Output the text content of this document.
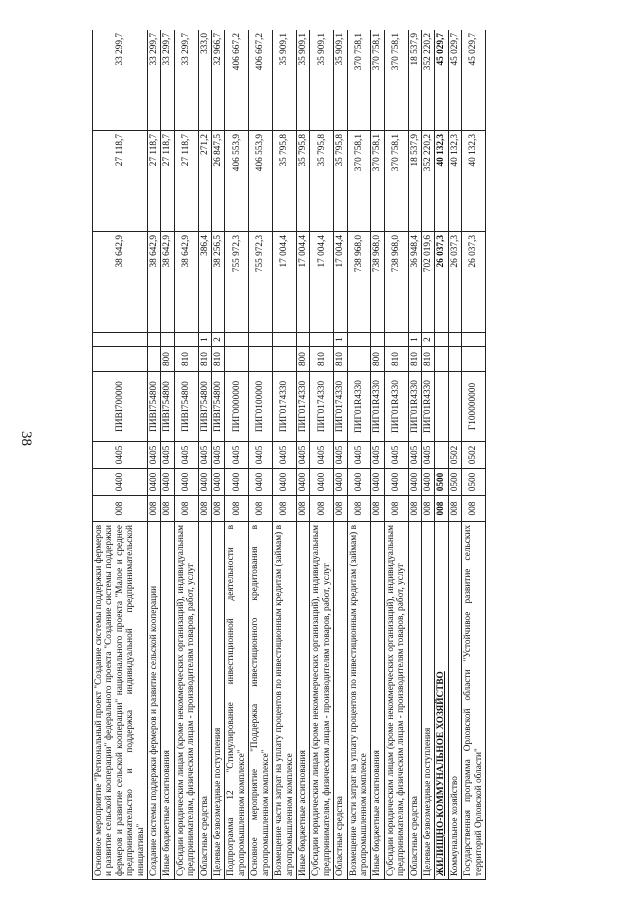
38
Основное мероприятие "Региональный проект "Создание системы поддержки фермеров и развитие сельской кооперации" федерального проекта "Создание системы поддержки фермеров и развитие сельской кооперации" национального проекта "Малое и среднее предпринимательство и поддержка индивидуальной предпринимательской инициативы"	008	0400	0405	ПИВI700000			38 642,9	27 118,7	33 299,7
Создание системы поддержки фермеров и развитие сельской кооперации	008	0400	0405	ПИВI754800			38 642,9	27 118,7	33 299,7
Иные бюджетные ассигнования	008	0400	0405	ПИВI754800	800		38 642,9	27 118,7	33 299,7
Субсидии юридическим лицам (кроме некоммерческих организаций), индивидуальным предпринимателям, физическим лицам - производителям товаров, работ, услуг	008	0400	0405	ПИВI754800	810		38 642,9	27 118,7	33 299,7
Областные средства	008	0400	0405	ПИВI754800	810	1	386,4	271,2	333,0
Целевые безвозмездные поступления	008	0400	0405	ПИВI754800	810	2	38 256,5	26 847,5	32 966,7
Подпрограмма 12 "Стимулирование инвестиционной деятельности в агропромышленном комплексе"	008	0400	0405	ПИГ0000000			755 972,3	406 553,9	406 667,2
Основное мероприятие "Поддержка инвестиционного кредитования в агропромышленном комплексе"	008	0400	0405	ПИГ0100000			755 972,3	406 553,9	406 667,2
Возмещение части затрат на уплату процентов по инвестиционным кредитам (займам) в агропромышленном комплексе	008	0400	0405	ПИГ0174330			17 004,4	35 795,8	35 909,1
Иные бюджетные ассигнования	008	0400	0405	ПИГ0174330	800		17 004,4	35 795,8	35 909,1
Субсидии юридическим лицам (кроме некоммерческих организаций), индивидуальным предпринимателям, физическим лицам - производителям товаров, работ, услуг	008	0400	0405	ПИГ0174330	810		17 004,4	35 795,8	35 909,1
Областные средства	008	0400	0405	ПИГ0174330	810	1	17 004,4	35 795,8	35 909,1
Возмещение части затрат на уплату процентов по инвестиционным кредитам (займам) в агропромышленном комплексе	008	0400	0405	ПИГ01R4330			738 968,0	370 758,1	370 758,1
Иные бюджетные ассигнования	008	0400	0405	ПИГ01R4330	800		738 968,0	370 758,1	370 758,1
Субсидии юридическим лицам (кроме некоммерческих организаций), индивидуальным предпринимателям, физическим лицам - производителям товаров, работ, услуг	008	0400	0405	ПИГ01R4330	810		738 968,0	370 758,1	370 758,1
Областные средства	008	0400	0405	ПИГ01R4330	810	1	36 948,4	18 537,9	18 537,9
Целевые безвозмездные поступления	008	0400	0405	ПИГ01R4330	810	2	702 019,6	352 220,2	352 220,2
ЖИЛИЩНО-КОММУНАЛЬНОЕ ХОЗЯЙСТВО	008	0500					26 037,3	40 132,3	45 029,7
Коммунальное хозяйство	008	0500	0502				26 037,3	40 132,3	45 029,7
Государственная программа Орловской области "Устойчивое развитие сельских территорий Орловской области"	008	0500	0502	Г100000000			26 037,3	40 132,3	45 029,7
